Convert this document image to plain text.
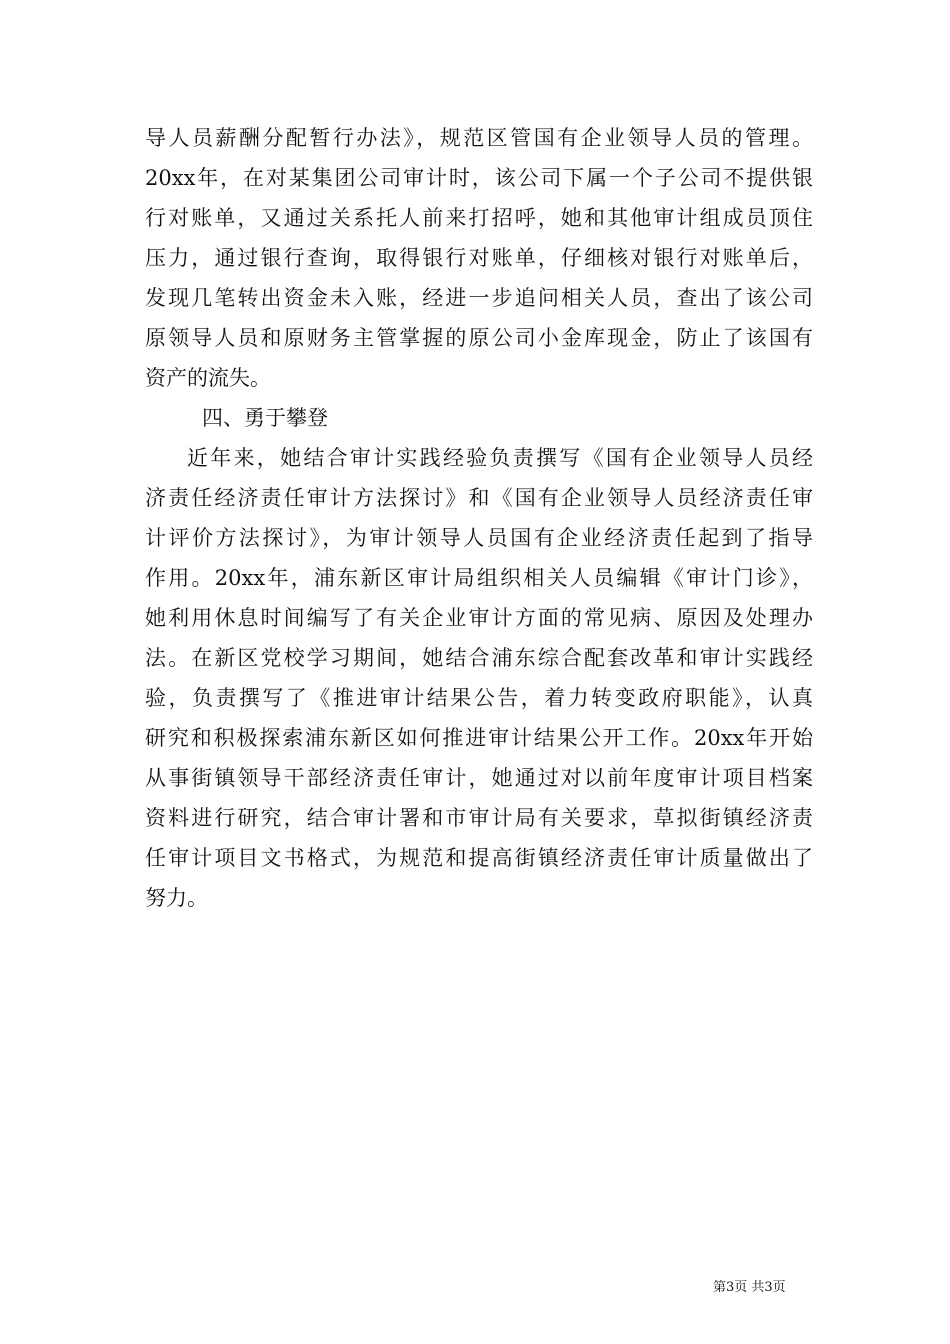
导人员薪酬分配暂行办法》，规范区管国有企业领导人员的管理。
20xx年，在对某集团公司审计时，该公司下属一个子公司不提供银
行对账单，又通过关系托人前来打招呼，她和其他审计组成员顶住
压力，通过银行查询，取得银行对账单，仔细核对银行对账单后，
发现几笔转出资金未入账，经进一步追问相关人员，查出了该公司
原领导人员和原财务主管掌握的原公司小金库现金，防止了该国有
资产的流失。
四、勇于攀登
近年来，她结合审计实践经验负责撰写《国有企业领导人员经
济责任经济责任审计方法探讨》和《国有企业领导人员经济责任审
计评价方法探讨》，为审计领导人员国有企业经济责任起到了指导
作用。20xx年，浦东新区审计局组织相关人员编辑《审计门诊》，
她利用休息时间编写了有关企业审计方面的常见病、原因及处理办
法。在新区党校学习期间，她结合浦东综合配套改革和审计实践经
验，负责撰写了《推进审计结果公告，着力转变政府职能》，认真
研究和积极探索浦东新区如何推进审计结果公开工作。20xx年开始
从事街镇领导干部经济责任审计，她通过对以前年度审计项目档案
资料进行研究，结合审计署和市审计局有关要求，草拟街镇经济责
任审计项目文书格式，为规范和提高街镇经济责任审计质量做出了
努力。
第3页 共3页
